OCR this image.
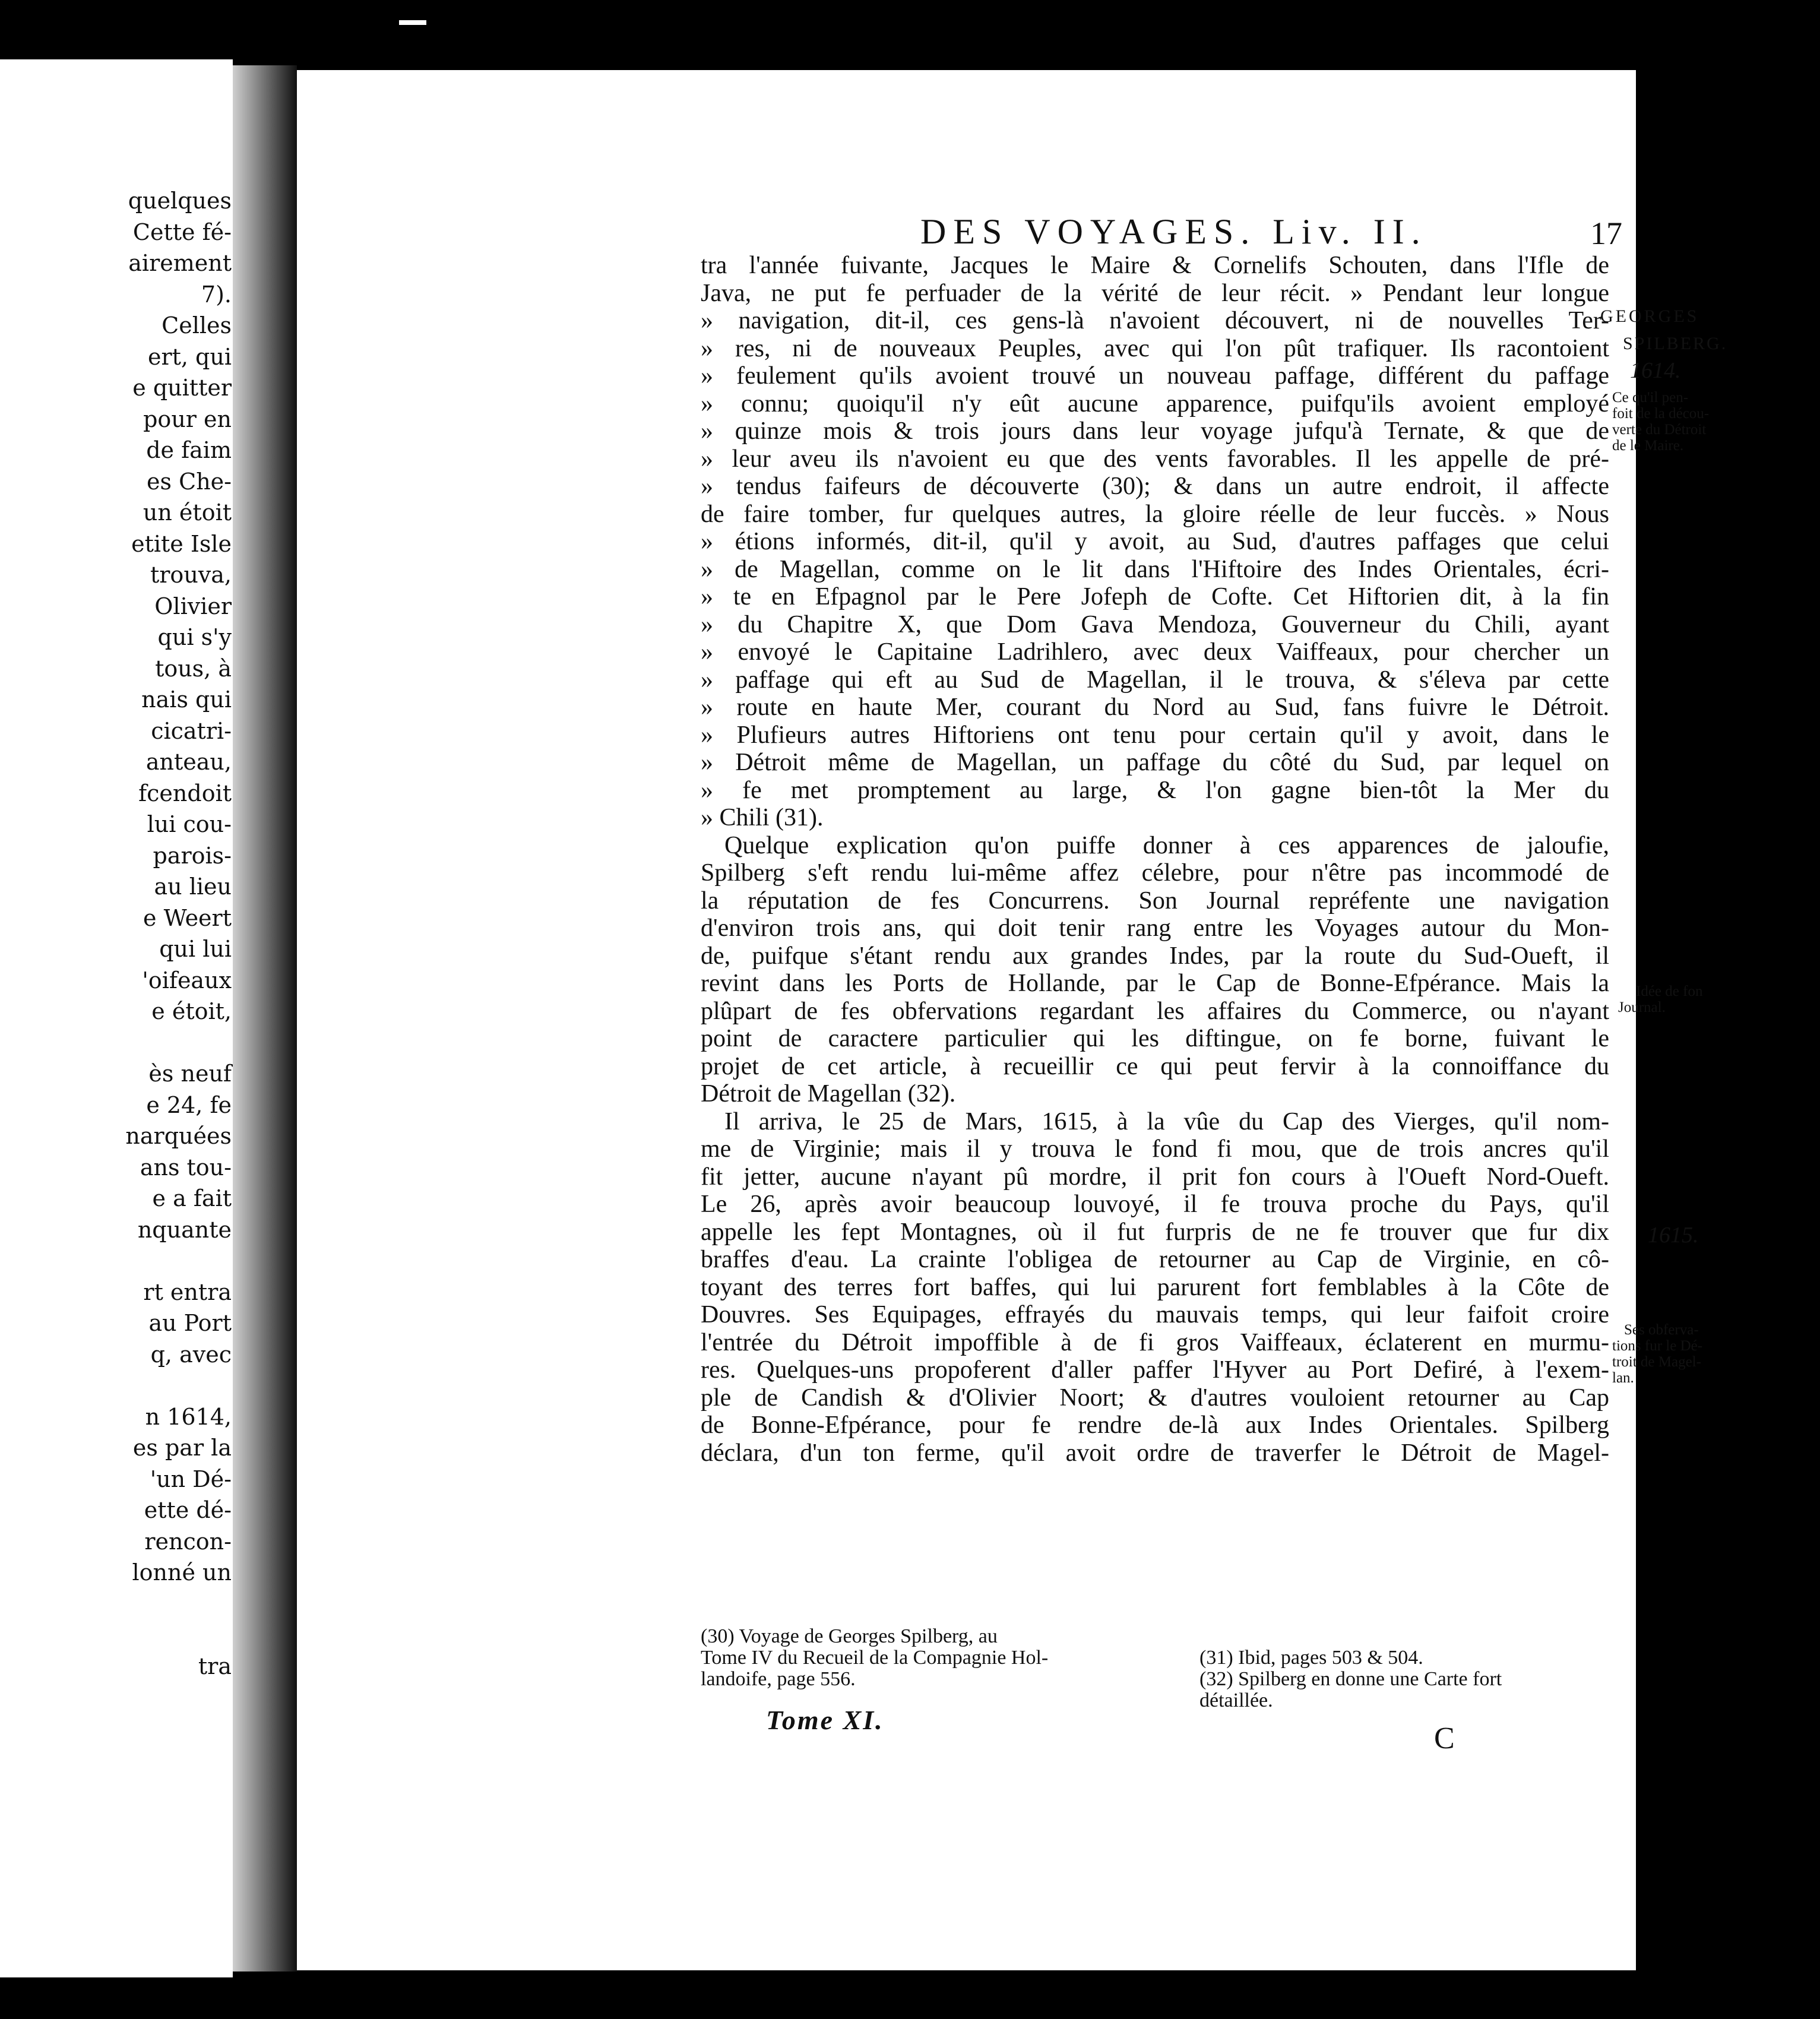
quelques
Cette fé-
airement
7).
Celles
ert, qui
e quitter
pour en
de faim
es Che-
un étoit
etite Isle
trouva,
Olivier
qui s'y
tous, à
nais qui
cicatri-
anteau,
fcendoit
lui cou-
parois-
au lieu
e Weert
qui lui
'oifeaux
e étoit,
ès neuf
e 24, fe
narquées
ans tou-
e a fait
nquante
rt entra
au Port
q, avec
n 1614,
es par la
'un Dé-
ette dé-
rencon-
lonné un
tra
DES VOYAGES. Liv. II.	17
tra l'année fuivante, Jacques le Maire & Cornelifs Schouten, dans l'Ifle de
Java, ne put fe perfuader de la vérité de leur récit. » Pendant leur longue
» navigation, dit-il, ces gens-là n'avoient découvert, ni de nouvelles Ter-
» res, ni de nouveaux Peuples, avec qui l'on pût trafiquer. Ils racontoient
» feulement qu'ils avoient trouvé un nouveau paffage, différent du paffage
» connu; quoiqu'il n'y eût aucune apparence, puifqu'ils avoient employé
» quinze mois & trois jours dans leur voyage jufqu'à Ternate, & que de
» leur aveu ils n'avoient eu que des vents favorables. Il les appelle de pré-
» tendus faifeurs de découverte (30); & dans un autre endroit, il affecte
de faire tomber, fur quelques autres, la gloire réelle de leur fuccès. » Nous
» étions informés, dit-il, qu'il y avoit, au Sud, d'autres paffages que celui
» de Magellan, comme on le lit dans l'Hiftoire des Indes Orientales, écri-
» te en Efpagnol par le Pere Jofeph de Cofte. Cet Hiftorien dit, à la fin
» du Chapitre X, que Dom Gava Mendoza, Gouverneur du Chili, ayant
» envoyé le Capitaine Ladrihlero, avec deux Vaiffeaux, pour chercher un
» paffage qui eft au Sud de Magellan, il le trouva, & s'éleva par cette
» route en haute Mer, courant du Nord au Sud, fans fuivre le Détroit.
» Plufieurs autres Hiftoriens ont tenu pour certain qu'il y avoit, dans le
» Détroit même de Magellan, un paffage du côté du Sud, par lequel on
» fe met promptement au large, & l'on gagne bien-tôt la Mer du
» Chili (31).
Quelque explication qu'on puiffe donner à ces apparences de jaloufie,
Spilberg s'eft rendu lui-même affez célebre, pour n'être pas incommodé de
la réputation de fes Concurrens. Son Journal repréfente une navigation
d'environ trois ans, qui doit tenir rang entre les Voyages autour du Mon-
de, puifque s'étant rendu aux grandes Indes, par la route du Sud-Oueft, il
revint dans les Ports de Hollande, par le Cap de Bonne-Efpérance. Mais la
plûpart de fes obfervations regardant les affaires du Commerce, ou n'ayant
point de caractere particulier qui les diftingue, on fe borne, fuivant le
projet de cet article, à recueillir ce qui peut fervir à la connoiffance du
Détroit de Magellan (32).
Il arriva, le 25 de Mars, 1615, à la vûe du Cap des Vierges, qu'il nom-
me de Virginie; mais il y trouva le fond fi mou, que de trois ancres qu'il
fit jetter, aucune n'ayant pû mordre, il prit fon cours à l'Oueft Nord-Oueft.
Le 26, après avoir beaucoup louvoyé, il fe trouva proche du Pays, qu'il
appelle les fept Montagnes, où il fut furpris de ne fe trouver que fur dix
braffes d'eau. La crainte l'obligea de retourner au Cap de Virginie, en cô-
toyant des terres fort baffes, qui lui parurent fort femblables à la Côte de
Douvres. Ses Equipages, effrayés du mauvais temps, qui leur faifoit croire
l'entrée du Détroit impoffible à de fi gros Vaiffeaux, éclaterent en murmu-
res. Quelques-uns propoferent d'aller paffer l'Hyver au Port Defiré, à l'exem-
ple de Candish & d'Olivier Noort; & d'autres vouloient retourner au Cap
de Bonne-Efpérance, pour fe rendre de-là aux Indes Orientales. Spilberg
déclara, d'un ton ferme, qu'il avoit ordre de traverfer le Détroit de Magel-
GEORGES
SPILBERG.
1614.
Ce qu'il pen-
foit de la décou-
verte du Détroit
de le Maire.
Idée de fon
Journal.
1615.
Ses obferva-
tions fur le Dé-
troit de Magel-
lan.
(30) Voyage de Georges Spilberg, au
Tome IV du Recueil de la Compagnie Hol-
landoife, page 556.
(31) Ibid, pages 503 & 504.
(32) Spilberg en donne une Carte fort
détaillée.
Tome XI.
C
